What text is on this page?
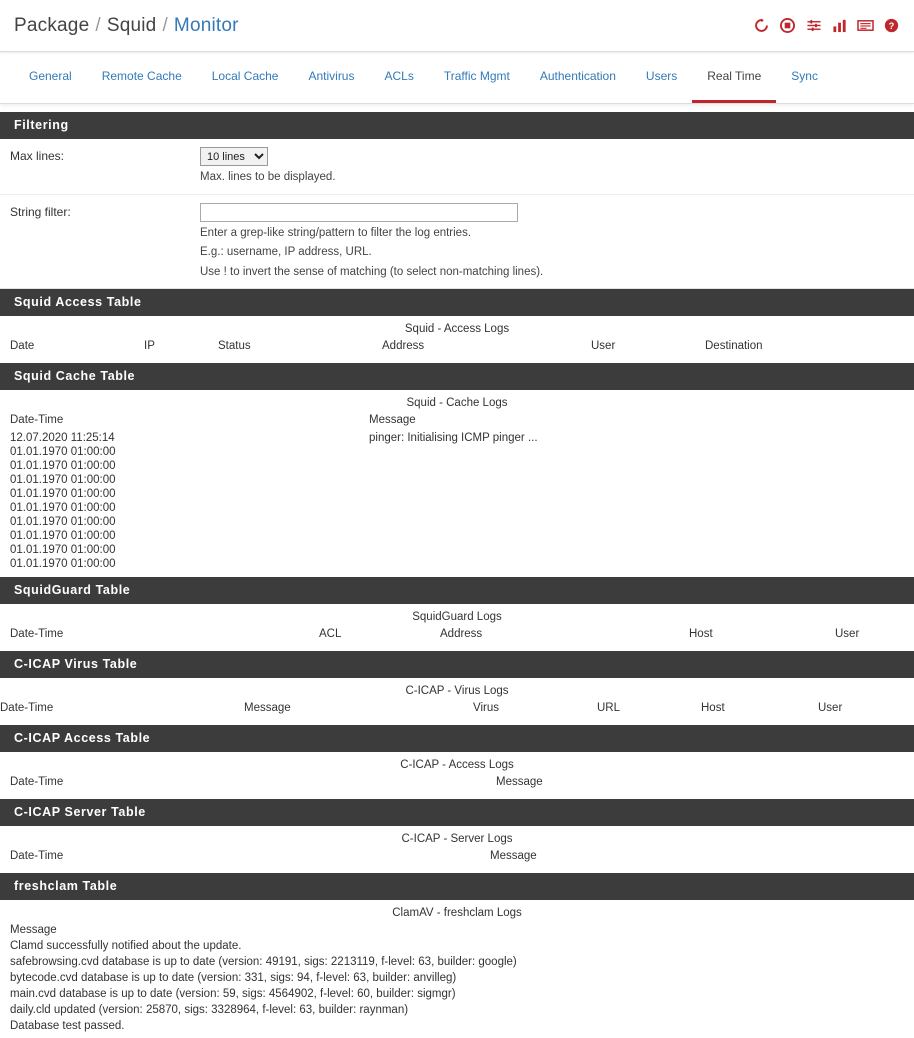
Package / Squid / Monitor	?
General	Remote Cache	Local Cache	Antivirus	ACLs	Traffic Mgmt	Authentication	Users	Real Time	Sync
Filtering
Max lines:
10 lines
Max. lines to be displayed.
String filter:
Enter a grep-like string/pattern to filter the log entries.
E.g.: username, IP address, URL.
Use ! to invert the sense of matching (to select non-matching lines).
Squid Access Table
Squid - Access Logs
Date	IP	Status	Address	User	Destination
Squid Cache Table
Squid - Cache Logs
Date-Time	Message
12.07.2020 11:25:14	pinger: Initialising ICMP pinger ...
01.01.1970 01:00:00	
01.01.1970 01:00:00	
01.01.1970 01:00:00	
01.01.1970 01:00:00	
01.01.1970 01:00:00	
01.01.1970 01:00:00	
01.01.1970 01:00:00	
01.01.1970 01:00:00	
01.01.1970 01:00:00	
SquidGuard Table
SquidGuard Logs
Date-Time	ACL	Address	Host	User
C-ICAP Virus Table
C-ICAP - Virus Logs
Date-Time	Message	Virus	URL	Host	User
C-ICAP Access Table
C-ICAP - Access Logs
Date-Time	Message
C-ICAP Server Table
C-ICAP - Server Logs
Date-Time	Message
freshclam Table
ClamAV - freshclam Logs
Message
Clamd successfully notified about the update.
safebrowsing.cvd database is up to date (version: 49191, sigs: 2213119, f-level: 63, builder: google)
bytecode.cvd database is up to date (version: 331, sigs: 94, f-level: 63, builder: anvilleg)
main.cvd database is up to date (version: 59, sigs: 4564902, f-level: 60, builder: sigmgr)
daily.cld updated (version: 25870, sigs: 3328964, f-level: 63, builder: raynman)
Database test passed.
